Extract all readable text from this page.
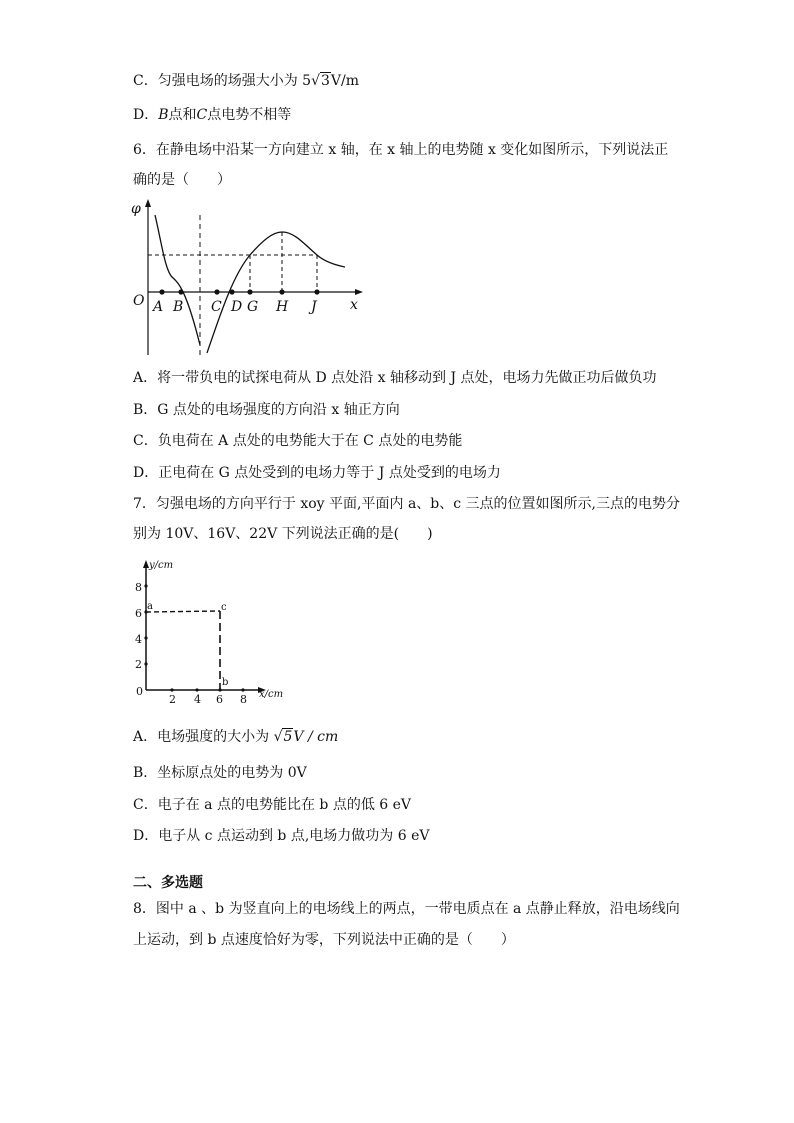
C．匀强电场的场强大小为 5√3V/m
D．B点和C点电势不相等
6．在静电场中沿某一方向建立 x 轴，在 x 轴上的电势随 x 变化如图所示，下列说法正
确的是（　　）
φ
O	x
A B C D G H J
A．将一带负电的试探电荷从 D 点处沿 x 轴移动到 J 点处，电场力先做正功后做负功
B．G 点处的电场强度的方向沿 x 轴正方向
C．负电荷在 A 点处的电势能大于在 C 点处的电势能
D．正电荷在 G 点处受到的电场力等于 J 点处受到的电场力
7．匀强电场的方向平行于 xoy 平面,平面内 a、b、c 三点的位置如图所示,三点的电势分
别为 10V、16V、22V 下列说法正确的是(　　)
y/cm
x/cm
8
6
4
2
0
2 4 6 8
a
b
c
A．电场强度的大小为 √5V / cm
B．坐标原点处的电势为 0V
C．电子在 a 点的电势能比在 b 点的低 6 eV
D．电子从 c 点运动到 b 点,电场力做功为 6 eV
二、多选题
8．图中 a 、b 为竖直向上的电场线上的两点，一带电质点在 a 点静止释放，沿电场线向
上运动，到 b 点速度恰好为零，下列说法中正确的是（　　）
